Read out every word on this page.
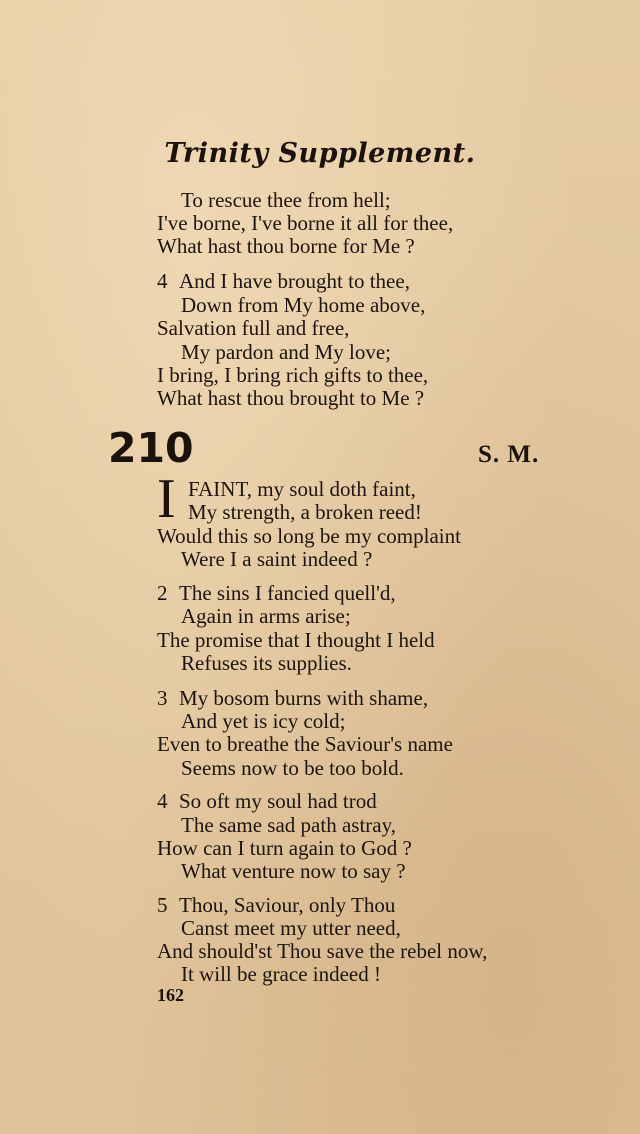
Trinity Supplement.
To rescue thee from hell;
I've borne, I've borne it all for thee,
What hast thou borne for Me ?
4 And I have brought to thee,
Down from My home above,
Salvation full and free,
My pardon and My love;
I bring, I bring rich gifts to thee,
What hast thou brought to Me ?
210	S. M.
I FAINT, my soul doth faint,
My strength, a broken reed!
Would this so long be my complaint
Were I a saint indeed ?
2 The sins I fancied quell'd,
Again in arms arise;
The promise that I thought I held
Refuses its supplies.
3 My bosom burns with shame,
And yet is icy cold;
Even to breathe the Saviour's name
Seems now to be too bold.
4 So oft my soul had trod
The same sad path astray,
How can I turn again to God ?
What venture now to say ?
5 Thou, Saviour, only Thou
Canst meet my utter need,
And should'st Thou save the rebel now,
It will be grace indeed !
162
